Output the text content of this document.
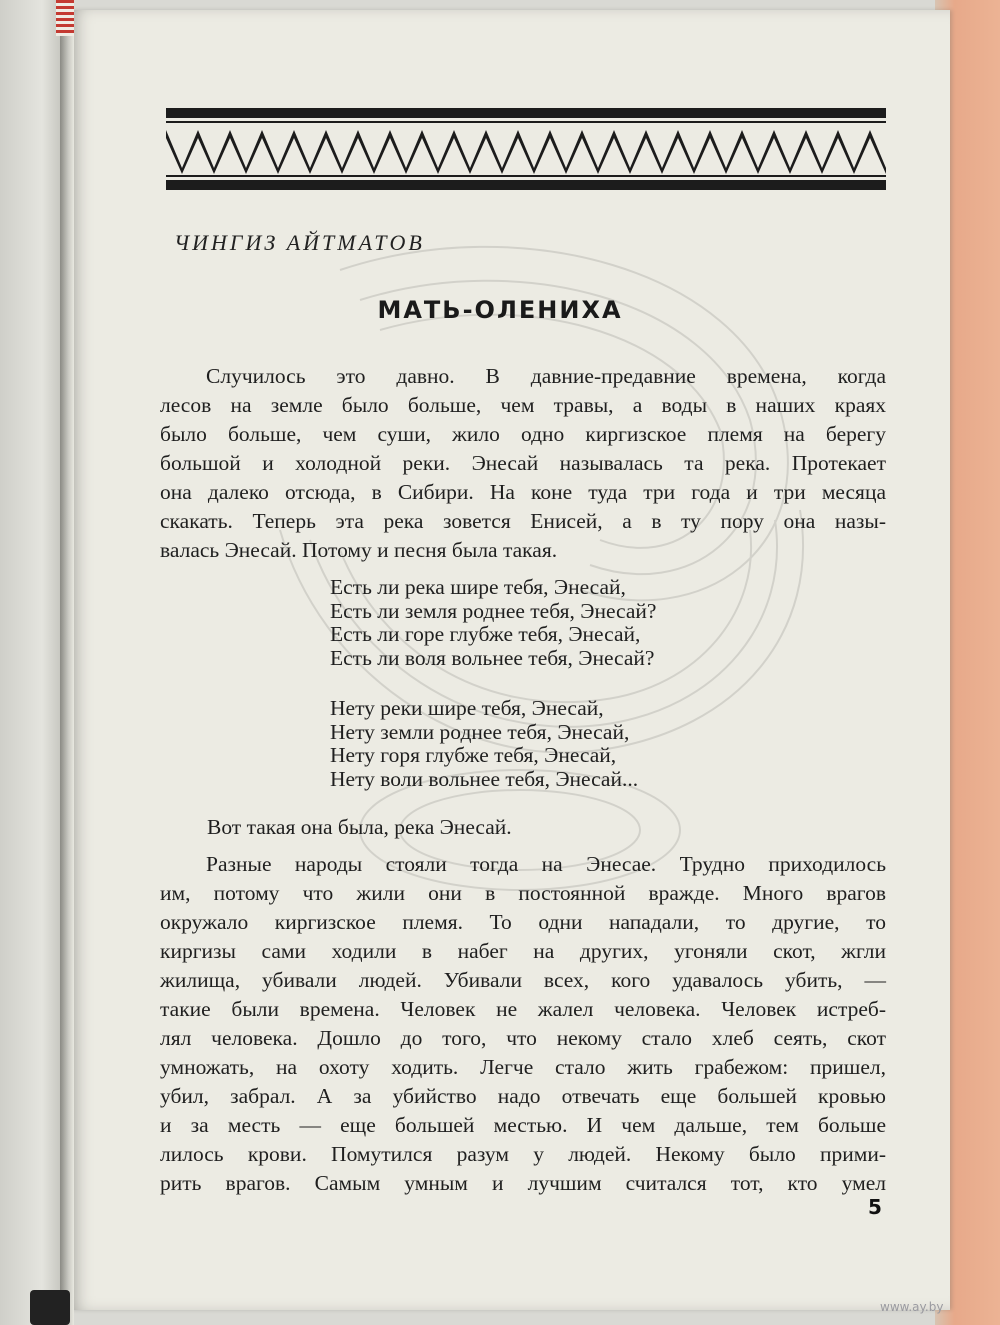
ЧИНГИЗ АЙТМАТОВ
МАТЬ-ОЛЕНИХА
Случилось это давно. В давние-предавние времена, когда
лесов на земле было больше, чем травы, а воды в наших краях
было больше, чем суши, жило одно киргизское племя на берегу
большой и холодной реки. Энесай называлась та река. Протекает
она далеко отсюда, в Сибири. На коне туда три года и три месяца
скакать. Теперь эта река зовется Енисей, а в ту пору она назы-
валась Энесай. Потому и песня была такая.
Есть ли река шире тебя, Энесай,
Есть ли земля роднее тебя, Энесай?
Есть ли горе глубже тебя, Энесай,
Есть ли воля вольнее тебя, Энесай?
Нету реки шире тебя, Энесай,
Нету земли роднее тебя, Энесай,
Нету горя глубже тебя, Энесай,
Нету воли вольнее тебя, Энесай...
Вот такая она была, река Энесай.
Разные народы стояли тогда на Энесае. Трудно приходилось
им, потому что жили они в постоянной вражде. Много врагов
окружало киргизское племя. То одни нападали, то другие, то
киргизы сами ходили в набег на других, угоняли скот, жгли
жилища, убивали людей. Убивали всех, кого удавалось убить, —
такие были времена. Человек не жалел человека. Человек истреб-
лял человека. Дошло до того, что некому стало хлеб сеять, скот
умножать, на охоту ходить. Легче стало жить грабежом: пришел,
убил, забрал. А за убийство надо отвечать еще большей кровью
и за месть — еще большей местью. И чем дальше, тем больше
лилось крови. Помутился разум у людей. Некому было прими-
рить врагов. Самым умным и лучшим считался тот, кто умел
5
www.ay.by
